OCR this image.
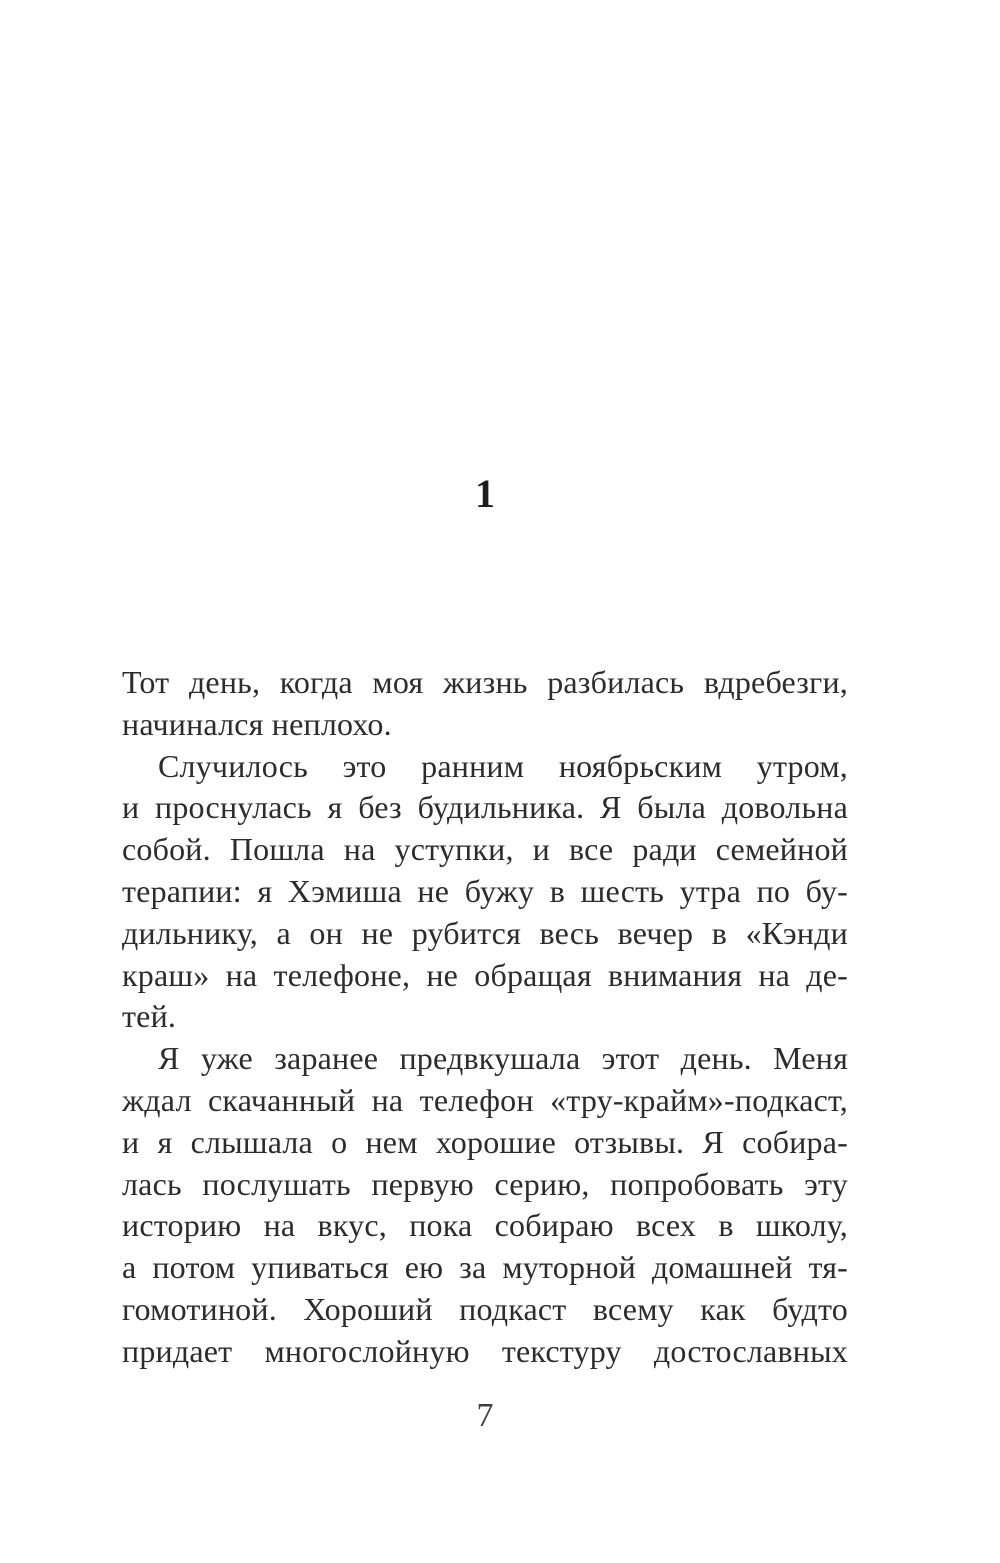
1
Тот день, когда моя жизнь разбилась вдребезги,
начинался неплохо.
Случилось это ранним ноябрьским утром,
и проснулась я без будильника. Я была довольна
собой. Пошла на уступки, и все ради семейной
терапии: я Хэмиша не бужу в шесть утра по бу-
дильнику, а он не рубится весь вечер в «Кэнди
краш» на телефоне, не обращая внимания на де-
тей.
Я уже заранее предвкушала этот день. Меня
ждал скачанный на телефон «тру-крайм»-подкаст,
и я слышала о нем хорошие отзывы. Я собира-
лась послушать первую серию, попробовать эту
историю на вкус, пока собираю всех в школу,
а потом упиваться ею за муторной домашней тя-
гомотиной. Хороший подкаст всему как будто
придает многослойную текстуру достославных
7
